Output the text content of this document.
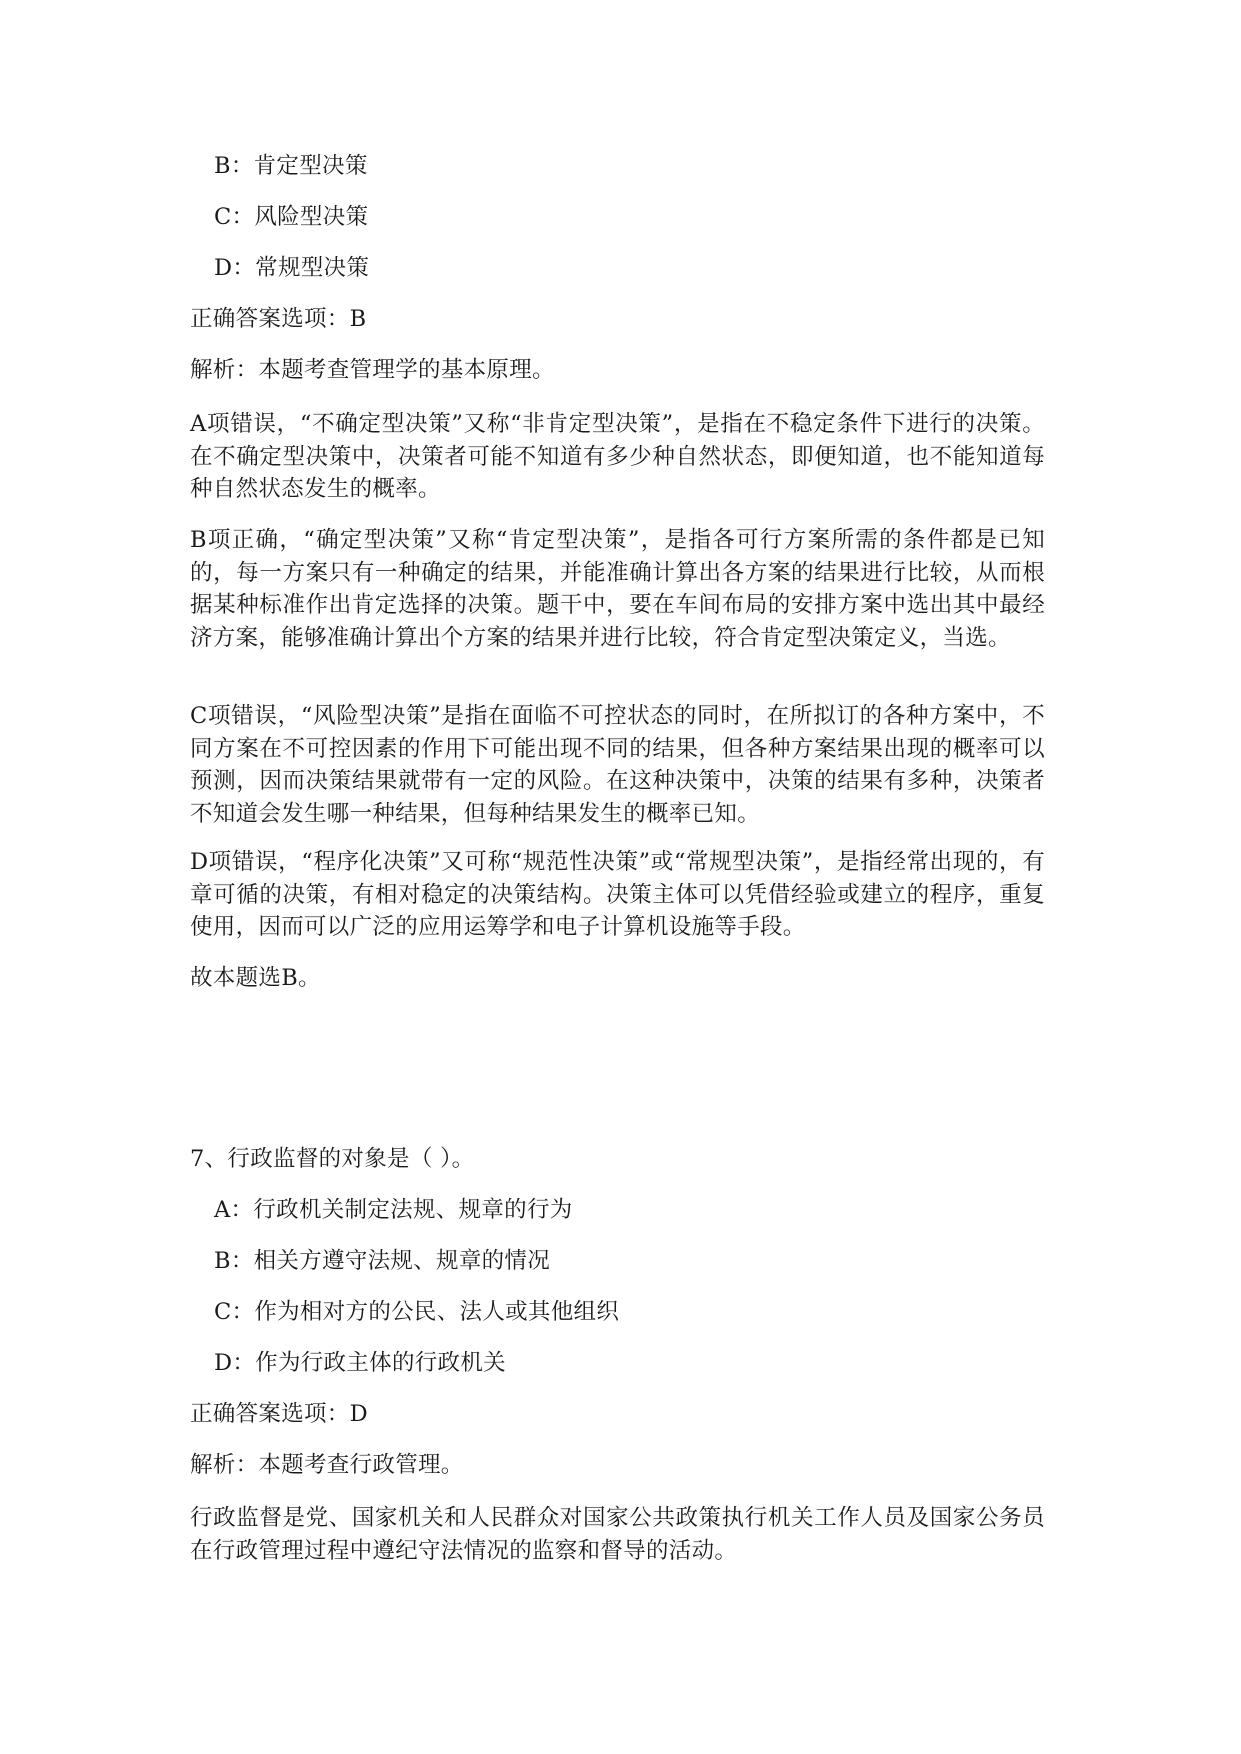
B：肯定型决策
C：风险型决策
D：常规型决策
正确答案选项：B
解析：本题考查管理学的基本原理。
A项错误，“不确定型决策”又称“非肯定型决策”，是指在不稳定条件下进行的决策。在不确定型决策中，决策者可能不知道有多少种自然状态，即便知道，也不能知道每种自然状态发生的概率。
B项正确，“确定型决策”又称“肯定型决策”，是指各可行方案所需的条件都是已知的，每一方案只有一种确定的结果，并能准确计算出各方案的结果进行比较，从而根据某种标准作出肯定选择的决策。题干中，要在车间布局的安排方案中选出其中最经济方案，能够准确计算出个方案的结果并进行比较，符合肯定型决策定义，当选。
C项错误，“风险型决策”是指在面临不可控状态的同时，在所拟订的各种方案中，不同方案在不可控因素的作用下可能出现不同的结果，但各种方案结果出现的概率可以预测，因而决策结果就带有一定的风险。在这种决策中，决策的结果有多种，决策者不知道会发生哪一种结果，但每种结果发生的概率已知。
D项错误，“程序化决策”又可称“规范性决策”或“常规型决策”，是指经常出现的，有章可循的决策，有相对稳定的决策结构。决策主体可以凭借经验或建立的程序，重复使用，因而可以广泛的应用运筹学和电子计算机设施等手段。
故本题选B。
7、行政监督的对象是（ ）。
A：行政机关制定法规、规章的行为
B：相关方遵守法规、规章的情况
C：作为相对方的公民、法人或其他组织
D：作为行政主体的行政机关
正确答案选项：D
解析：本题考查行政管理。
行政监督是党、国家机关和人民群众对国家公共政策执行机关工作人员及国家公务员在行政管理过程中遵纪守法情况的监察和督导的活动。
